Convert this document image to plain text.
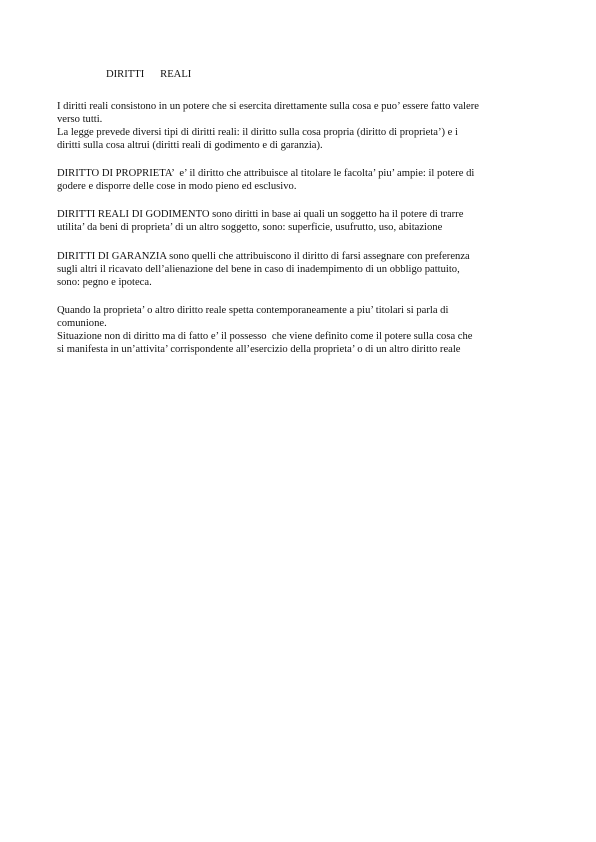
DIRITTI      REALI
I diritti reali consistono in un potere che si esercita direttamente sulla cosa e puo’ essere fatto valere
verso tutti.
La legge prevede diversi tipi di diritti reali: il diritto sulla cosa propria (diritto di proprieta’) e i
diritti sulla cosa altrui (diritti reali di godimento e di garanzia).
DIRITTO DI PROPRIETA’  e’ il diritto che attribuisce al titolare le facolta’ piu’ ampie: il potere di
godere e disporre delle cose in modo pieno ed esclusivo.
DIRITTI REALI DI GODIMENTO sono diritti in base ai quali un soggetto ha il potere di trarre
utilita’ da beni di proprieta’ di un altro soggetto, sono: superficie, usufrutto, uso, abitazione
DIRITTI DI GARANZIA sono quelli che attribuiscono il diritto di farsi assegnare con preferenza
sugli altri il ricavato dell’alienazione del bene in caso di inadempimento di un obbligo pattuito,
sono: pegno e ipoteca.
Quando la proprieta’ o altro diritto reale spetta contemporaneamente a piu’ titolari si parla di
comunione.
Situazione non di diritto ma di fatto e’ il possesso  che viene definito come il potere sulla cosa che
si manifesta in un’attivita’ corrispondente all’esercizio della proprieta’ o di un altro diritto reale
